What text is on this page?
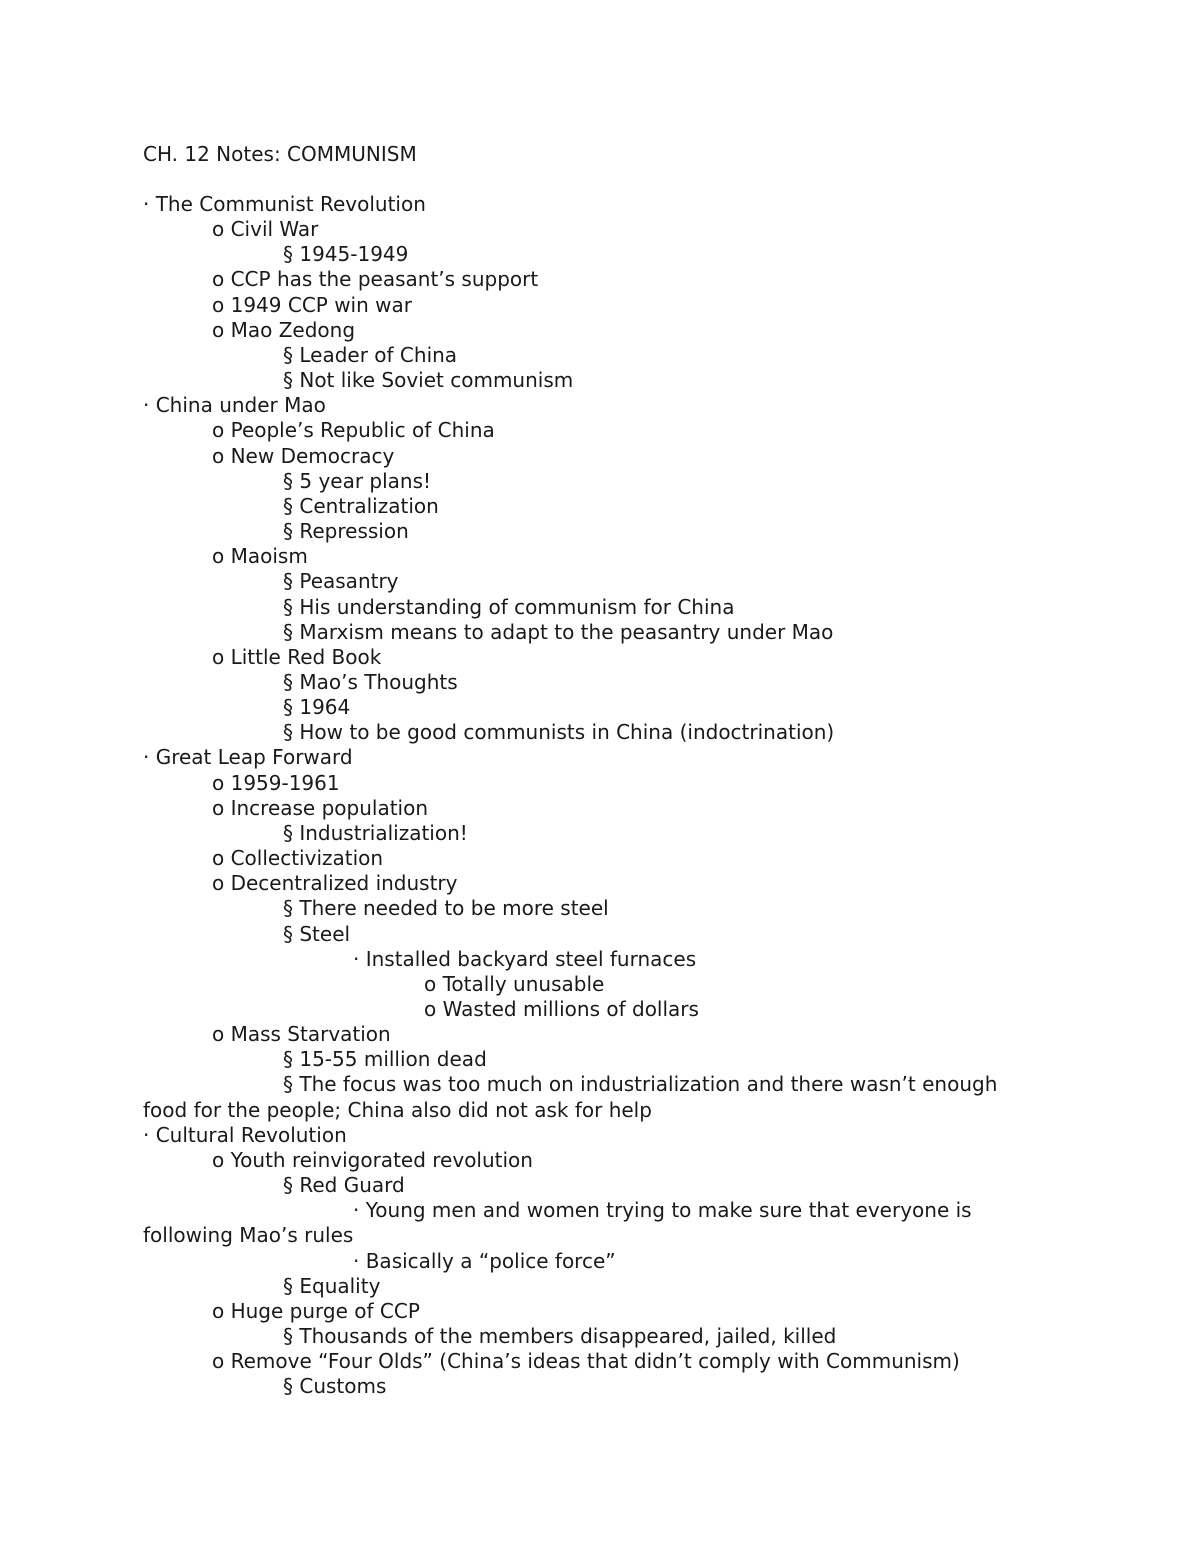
CH. 12 Notes: COMMUNISM
· The Communist Revolution
o Civil War
§ 1945-1949
o CCP has the peasant’s support
o 1949 CCP win war
o Mao Zedong
§ Leader of China
§ Not like Soviet communism
· China under Mao
o People’s Republic of China
o New Democracy
§ 5 year plans!
§ Centralization
§ Repression
o Maoism
§ Peasantry
§ His understanding of communism for China
§ Marxism means to adapt to the peasantry under Mao
o Little Red Book
§ Mao’s Thoughts
§ 1964
§ How to be good communists in China (indoctrination)
· Great Leap Forward
o 1959-1961
o Increase population
§ Industrialization!
o Collectivization
o Decentralized industry
§ There needed to be more steel
§ Steel
· Installed backyard steel furnaces
o Totally unusable
o Wasted millions of dollars
o Mass Starvation
§ 15-55 million dead
§ The focus was too much on industrialization and there wasn’t enough
food for the people; China also did not ask for help
· Cultural Revolution
o Youth reinvigorated revolution
§ Red Guard
· Young men and women trying to make sure that everyone is
following Mao’s rules
· Basically a “police force”
§ Equality
o Huge purge of CCP
§ Thousands of the members disappeared, jailed, killed
o Remove “Four Olds” (China’s ideas that didn’t comply with Communism)
§ Customs
